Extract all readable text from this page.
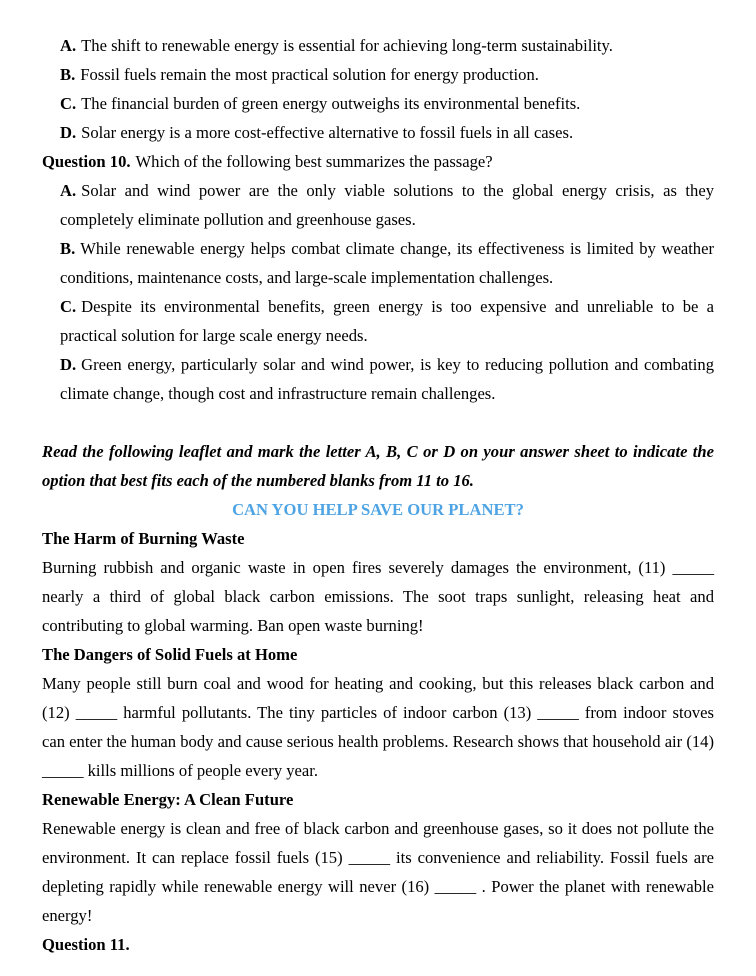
A. The shift to renewable energy is essential for achieving long-term sustainability.

B. Fossil fuels remain the most practical solution for energy production.

C. The financial burden of green energy outweighs its environmental benefits.

D. Solar energy is a more cost-effective alternative to fossil fuels in all cases.

Question 10. Which of the following best summarizes the passage?

A. Solar and wind power are the only viable solutions to the global energy crisis, as they completely eliminate pollution and greenhouse gases.

B. While renewable energy helps combat climate change, its effectiveness is limited by weather conditions, maintenance costs, and large-scale implementation challenges.

C. Despite its environmental benefits, green energy is too expensive and unreliable to be a practical solution for large scale energy needs.

D. Green energy, particularly solar and wind power, is key to reducing pollution and combating climate change, though cost and infrastructure remain challenges.

Read the following leaflet and mark the letter A, B, C or D on your answer sheet to indicate the option that best fits each of the numbered blanks from 11 to 16.

CAN YOU HELP SAVE OUR PLANET?

The Harm of Burning Waste

Burning rubbish and organic waste in open fires severely damages the environment, (11) _____ nearly a third of global black carbon emissions. The soot traps sunlight, releasing heat and contributing to global warming. Ban open waste burning!

The Dangers of Solid Fuels at Home

Many people still burn coal and wood for heating and cooking, but this releases black carbon and (12) _____ harmful pollutants. The tiny particles of indoor carbon (13) _____ from indoor stoves can enter the human body and cause serious health problems. Research shows that household air (14) _____ kills millions of people every year.

Renewable Energy: A Clean Future

Renewable energy is clean and free of black carbon and greenhouse gases, so it does not pollute the environment. It can replace fossil fuels (15) _____ its convenience and reliability. Fossil fuels are depleting rapidly while renewable energy will never (16) _____ . Power the planet with renewable energy!

Question 11.
